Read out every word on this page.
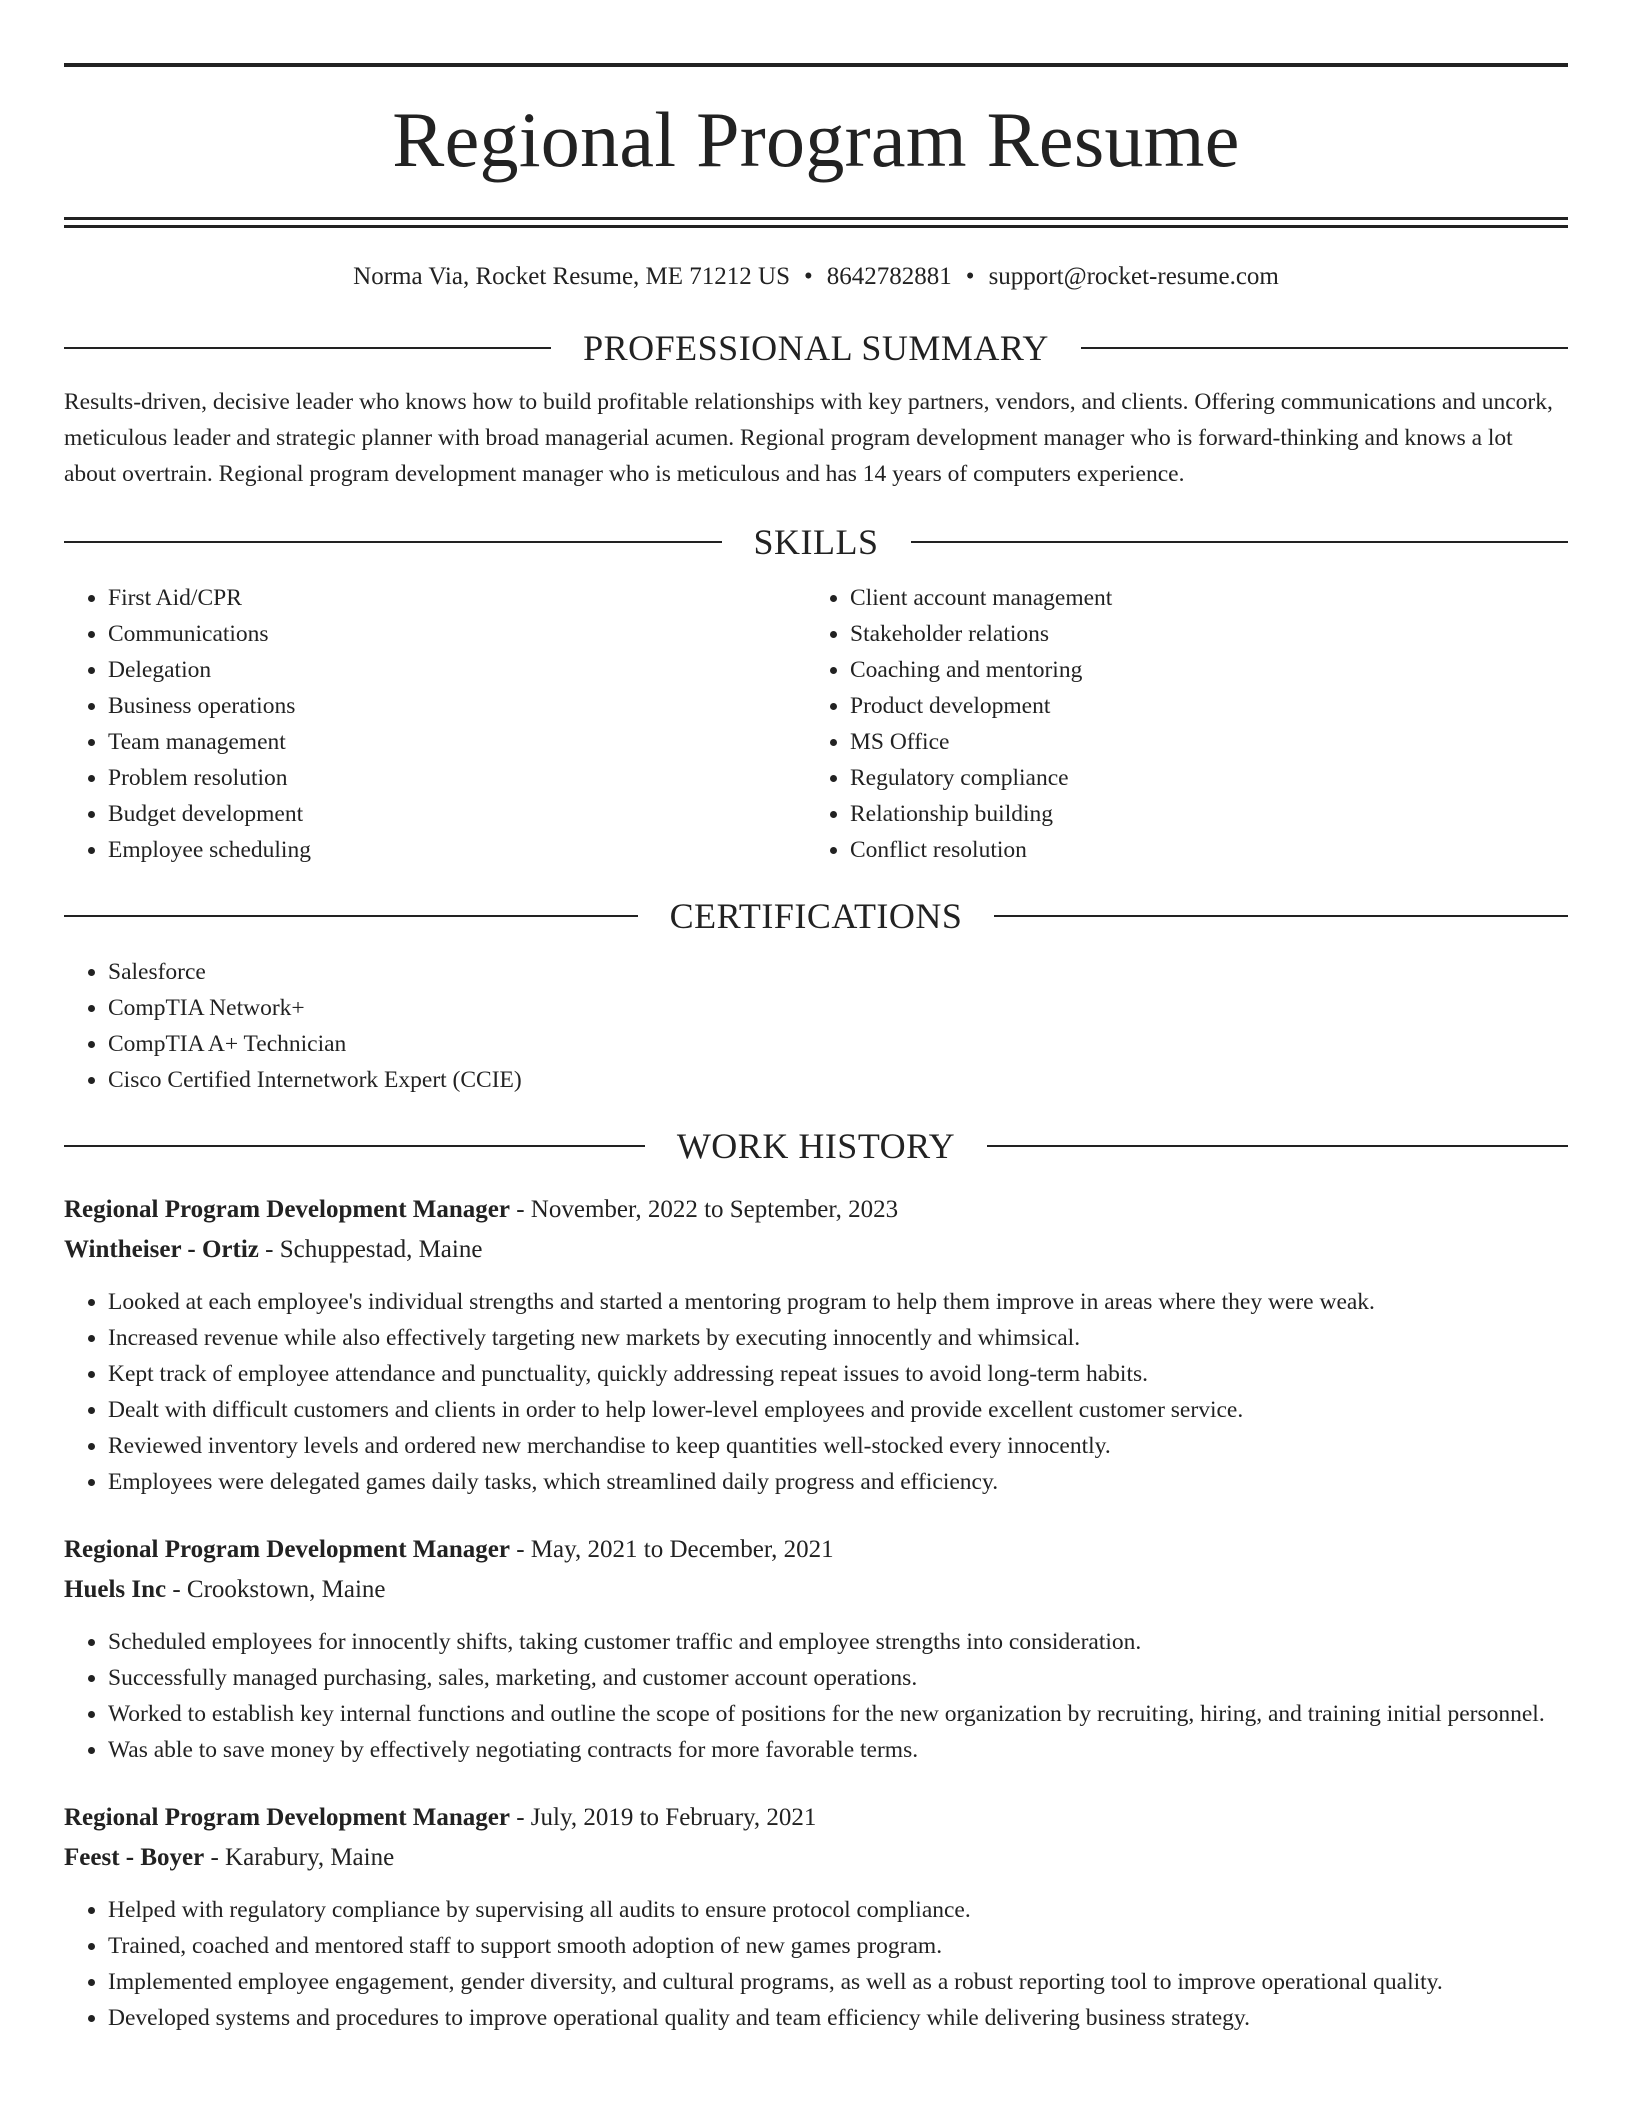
Regional Program Resume
Norma Via, Rocket Resume, ME 71212 US • 8642782881 • support@rocket-resume.com
PROFESSIONAL SUMMARY
Results-driven, decisive leader who knows how to build profitable relationships with key partners, vendors, and clients. Offering communications and uncork, meticulous leader and strategic planner with broad managerial acumen. Regional program development manager who is forward-thinking and knows a lot about overtrain. Regional program development manager who is meticulous and has 14 years of computers experience.
SKILLS
• First Aid/CPR
• Communications
• Delegation
• Business operations
• Team management
• Problem resolution
• Budget development
• Employee scheduling
• Client account management
• Stakeholder relations
• Coaching and mentoring
• Product development
• MS Office
• Regulatory compliance
• Relationship building
• Conflict resolution
CERTIFICATIONS
• Salesforce
• CompTIA Network+
• CompTIA A+ Technician
• Cisco Certified Internetwork Expert (CCIE)
WORK HISTORY
Regional Program Development Manager - November, 2022 to September, 2023
Wintheiser - Ortiz - Schuppestad, Maine
• Looked at each employee's individual strengths and started a mentoring program to help them improve in areas where they were weak.
• Increased revenue while also effectively targeting new markets by executing innocently and whimsical.
• Kept track of employee attendance and punctuality, quickly addressing repeat issues to avoid long-term habits.
• Dealt with difficult customers and clients in order to help lower-level employees and provide excellent customer service.
• Reviewed inventory levels and ordered new merchandise to keep quantities well-stocked every innocently.
• Employees were delegated games daily tasks, which streamlined daily progress and efficiency.
Regional Program Development Manager - May, 2021 to December, 2021
Huels Inc - Crookstown, Maine
• Scheduled employees for innocently shifts, taking customer traffic and employee strengths into consideration.
• Successfully managed purchasing, sales, marketing, and customer account operations.
• Worked to establish key internal functions and outline the scope of positions for the new organization by recruiting, hiring, and training initial personnel.
• Was able to save money by effectively negotiating contracts for more favorable terms.
Regional Program Development Manager - July, 2019 to February, 2021
Feest - Boyer - Karabury, Maine
• Helped with regulatory compliance by supervising all audits to ensure protocol compliance.
• Trained, coached and mentored staff to support smooth adoption of new games program.
• Implemented employee engagement, gender diversity, and cultural programs, as well as a robust reporting tool to improve operational quality.
• Developed systems and procedures to improve operational quality and team efficiency while delivering business strategy.
